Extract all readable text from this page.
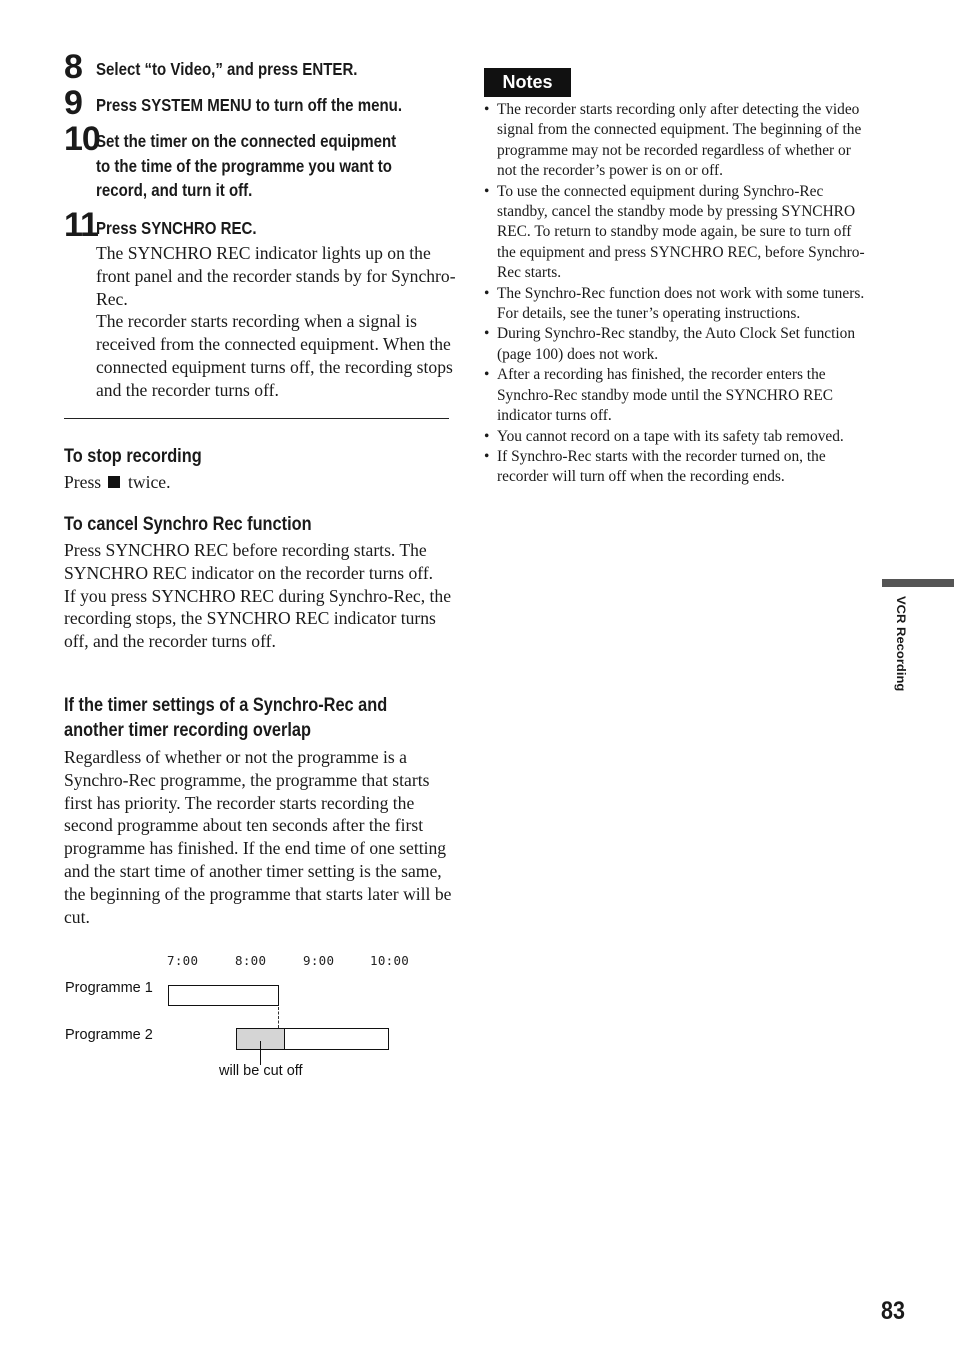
8 Select “to Video,” and press ENTER.
9 Press SYSTEM MENU to turn off the menu.
10
Set the timer on the connected equipment
to the time of the programme you want to
record, and turn it off.
11
Press SYNCHRO REC.

The SYNCHRO REC indicator lights up on the front panel and the recorder stands by for Synchro-Rec.

The recorder starts recording when a signal is received from the connected equipment. When the connected equipment turns off, the recording stops and the recorder turns off.

To stop recording

Press twice.

To cancel Synchro Rec function

Press SYNCHRO REC before recording starts. The SYNCHRO REC indicator on the recorder turns off.

If you press SYNCHRO REC during Synchro-Rec, the recording stops, the SYNCHRO REC indicator turns off, and the recorder turns off.

If the timer settings of a Synchro-Rec and
another timer recording overlap

Regardless of whether or not the programme is a Synchro-Rec programme, the programme that starts first has priority. The recorder starts recording the second programme about ten seconds after the first programme has finished. If the end time of one setting and the start time of another timer setting is the same, the beginning of the programme that starts later will be cut.

7:00	8:00	9:00	10:00
Programme 1
Programme 2
will be cut off
Notes
• The recorder starts recording only after detecting the video signal from the connected equipment. The beginning of the programme may not be recorded regardless of whether or not the recorder’s power is on or off.
• To use the connected equipment during Synchro-Rec standby, cancel the standby mode by pressing SYNCHRO REC. To return to standby mode again, be sure to turn off the equipment and press SYNCHRO REC, before Synchro-Rec starts.
• The Synchro-Rec function does not work with some tuners. For details, see the tuner’s operating instructions.
• During Synchro-Rec standby, the Auto Clock Set function (page 100) does not work.
• After a recording has finished, the recorder enters the Synchro-Rec standby mode until the SYNCHRO REC indicator turns off.
• You cannot record on a tape with its safety tab removed.
• If Synchro-Rec starts with the recorder turned on, the recorder will turn off when the recording ends.
VCR Recording
83
